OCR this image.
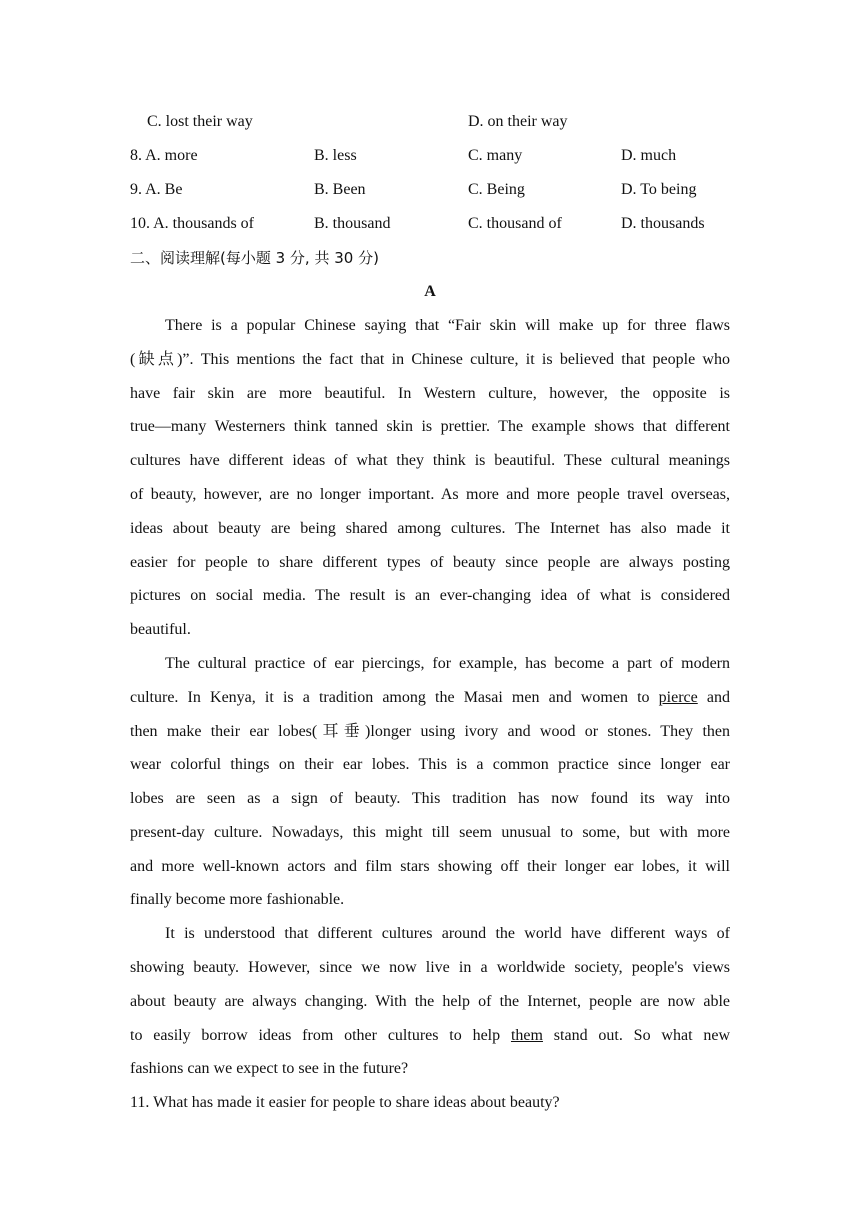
C. lost their way	D. on their way
8. A. more	B. less	C. many	D. much
9. A. Be	B. Been	C. Being	D. To being
10. A. thousands of	B. thousand	C. thousand of	D. thousands
二、阅读理解(每小题 3 分, 共 30 分)
A
There is a popular Chinese saying that “Fair skin will make up for three flaws
(缺点)”. This mentions the fact that in Chinese culture, it is believed that people who
have fair skin are more beautiful. In Western culture, however, the opposite is
true—many Westerners think tanned skin is prettier. The example shows that different
cultures have different ideas of what they think is beautiful. These cultural meanings
of beauty, however, are no longer important. As more and more people travel overseas,
ideas about beauty are being shared among cultures. The Internet has also made it
easier for people to share different types of beauty since people are always posting
pictures on social media. The result is an ever-changing idea of what is considered
beautiful.
The cultural practice of ear piercings, for example, has become a part of modern
culture. In Kenya, it is a tradition among the Masai men and women to pierce and
then make their ear lobes(耳垂)longer using ivory and wood or stones. They then
wear colorful things on their ear lobes. This is a common practice since longer ear
lobes are seen as a sign of beauty. This tradition has now found its way into
present-day culture. Nowadays, this might till seem unusual to some, but with more
and more well-known actors and film stars showing off their longer ear lobes, it will
finally become more fashionable.
It is understood that different cultures around the world have different ways of
showing beauty. However, since we now live in a worldwide society, people's views
about beauty are always changing. With the help of the Internet, people are now able
to easily borrow ideas from other cultures to help them stand out. So what new
fashions can we expect to see in the future?
11. What has made it easier for people to share ideas about beauty?
